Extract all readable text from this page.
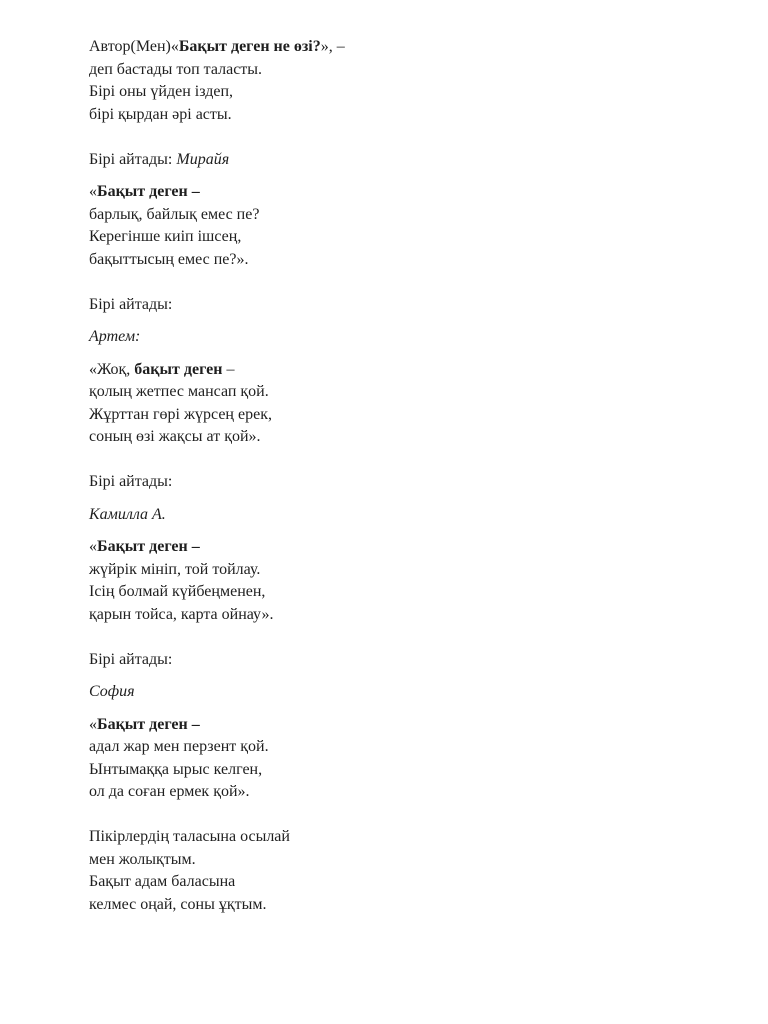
Автор(Мен)«Бақыт деген не өзі?», –
деп бастады топ таласты.
Бірі оны үйден іздеп,
бірі қырдан әрі асты.
Бірі айтады: Мирайя
«Бақыт деген –
барлық, байлық емес пе?
Керегінше киіп ішсең,
бақыттысың емес пе?».
Бірі айтады:
Артем:
«Жоқ, бақыт деген –
қолың жетпес мансап қой.
Жұрттан гөрі жүрсең ерек,
соның өзі жақсы ат қой».
Бірі айтады:
Камилла А.
«Бақыт деген –
жүйрік мініп, той тойлау.
Ісің болмай күйбеңменен,
қарын тойса, карта ойнау».
Бірі айтады:
София
«Бақыт деген –
адал жар мен перзент қой.
Ынтымаққа ырыс келген,
ол да соған ермек қой».
Пікірлердің таласына осылай
мен жолықтым.
Бақыт адам баласына
келмес оңай, соны ұқтым.
